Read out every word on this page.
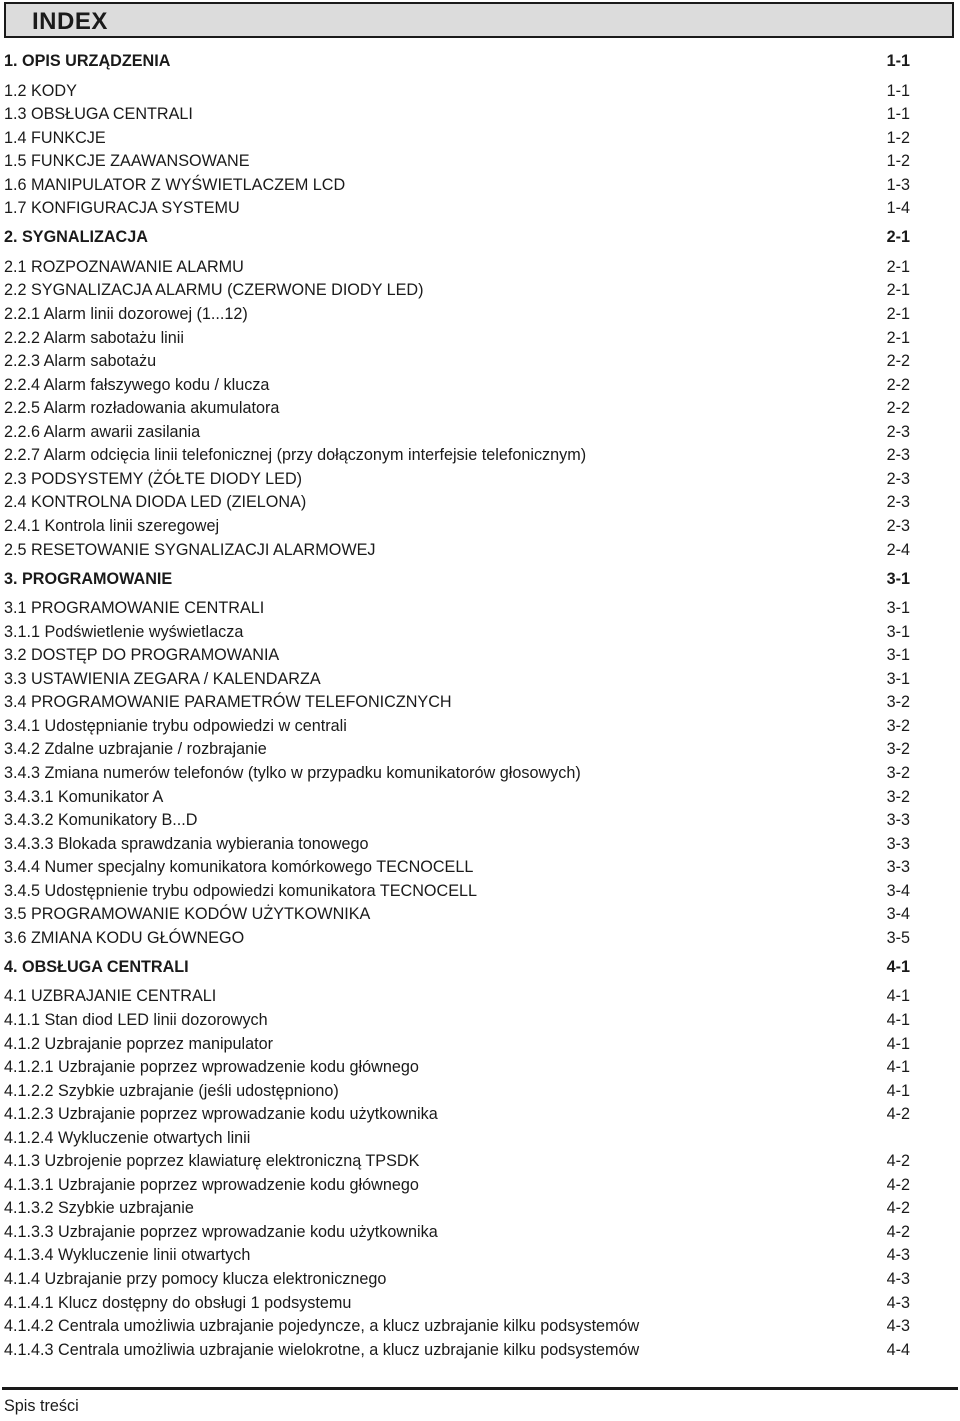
INDEX
1. OPIS URZĄDZENIA	1-1
1.2 KODY	1-1
1.3 OBSŁUGA CENTRALI	1-1
1.4 FUNKCJE	1-2
1.5 FUNKCJE ZAAWANSOWANE	1-2
1.6 MANIPULATOR Z WYŚWIETLACZEM LCD	1-3
1.7 KONFIGURACJA SYSTEMU	1-4
2. SYGNALIZACJA	2-1
2.1 ROZPOZNAWANIE ALARMU	2-1
2.2 SYGNALIZACJA ALARMU (CZERWONE DIODY LED)	2-1
2.2.1 Alarm linii dozorowej (1...12)	2-1
2.2.2 Alarm sabotażu linii	2-1
2.2.3 Alarm sabotażu	2-2
2.2.4 Alarm fałszywego kodu / klucza	2-2
2.2.5 Alarm rozładowania akumulatora	2-2
2.2.6 Alarm awarii zasilania	2-3
2.2.7 Alarm odcięcia linii telefonicznej (przy dołączonym interfejsie telefonicznym)	2-3
2.3 PODSYSTEMY (ŻÓŁTE DIODY LED)	2-3
2.4 KONTROLNA DIODA LED (ZIELONA)	2-3
2.4.1 Kontrola linii szeregowej	2-3
2.5 RESETOWANIE SYGNALIZACJI ALARMOWEJ	2-4
3. PROGRAMOWANIE	3-1
3.1 PROGRAMOWANIE CENTRALI	3-1
3.1.1 Podświetlenie wyświetlacza	3-1
3.2 DOSTĘP DO PROGRAMOWANIA	3-1
3.3 USTAWIENIA ZEGARA / KALENDARZA	3-1
3.4 PROGRAMOWANIE PARAMETRÓW TELEFONICZNYCH	3-2
3.4.1 Udostępnianie trybu odpowiedzi w centrali	3-2
3.4.2 Zdalne uzbrajanie / rozbrajanie	3-2
3.4.3 Zmiana numerów telefonów (tylko w przypadku komunikatorów głosowych)	3-2
3.4.3.1 Komunikator A	3-2
3.4.3.2 Komunikatory B...D	3-3
3.4.3.3 Blokada sprawdzania wybierania tonowego	3-3
3.4.4 Numer specjalny komunikatora komórkowego TECNOCELL	3-3
3.4.5 Udostępnienie trybu odpowiedzi komunikatora TECNOCELL	3-4
3.5 PROGRAMOWANIE KODÓW UŻYTKOWNIKA	3-4
3.6 ZMIANA KODU GŁÓWNEGO	3-5
4. OBSŁUGA CENTRALI	4-1
4.1 UZBRAJANIE CENTRALI	4-1
4.1.1 Stan diod LED linii dozorowych	4-1
4.1.2 Uzbrajanie poprzez manipulator	4-1
4.1.2.1 Uzbrajanie poprzez wprowadzenie kodu głównego	4-1
4.1.2.2 Szybkie uzbrajanie (jeśli udostępniono)	4-1
4.1.2.3 Uzbrajanie poprzez wprowadzanie kodu użytkownika	4-2
4.1.2.4 Wykluczenie otwartych linii
4.1.3 Uzbrojenie poprzez klawiaturę elektroniczną TPSDK	4-2
4.1.3.1 Uzbrajanie poprzez wprowadzenie kodu głównego	4-2
4.1.3.2 Szybkie uzbrajanie	4-2
4.1.3.3 Uzbrajanie poprzez wprowadzanie kodu użytkownika	4-2
4.1.3.4 Wykluczenie linii otwartych	4-3
4.1.4 Uzbrajanie przy pomocy klucza elektronicznego	4-3
4.1.4.1 Klucz dostępny do obsługi 1 podsystemu	4-3
4.1.4.2 Centrala umożliwia uzbrajanie pojedyncze, a klucz uzbrajanie kilku podsystemów	4-3
4.1.4.3 Centrala umożliwia uzbrajanie wielokrotne, a klucz uzbrajanie kilku podsystemów	4-4
Spis treści
